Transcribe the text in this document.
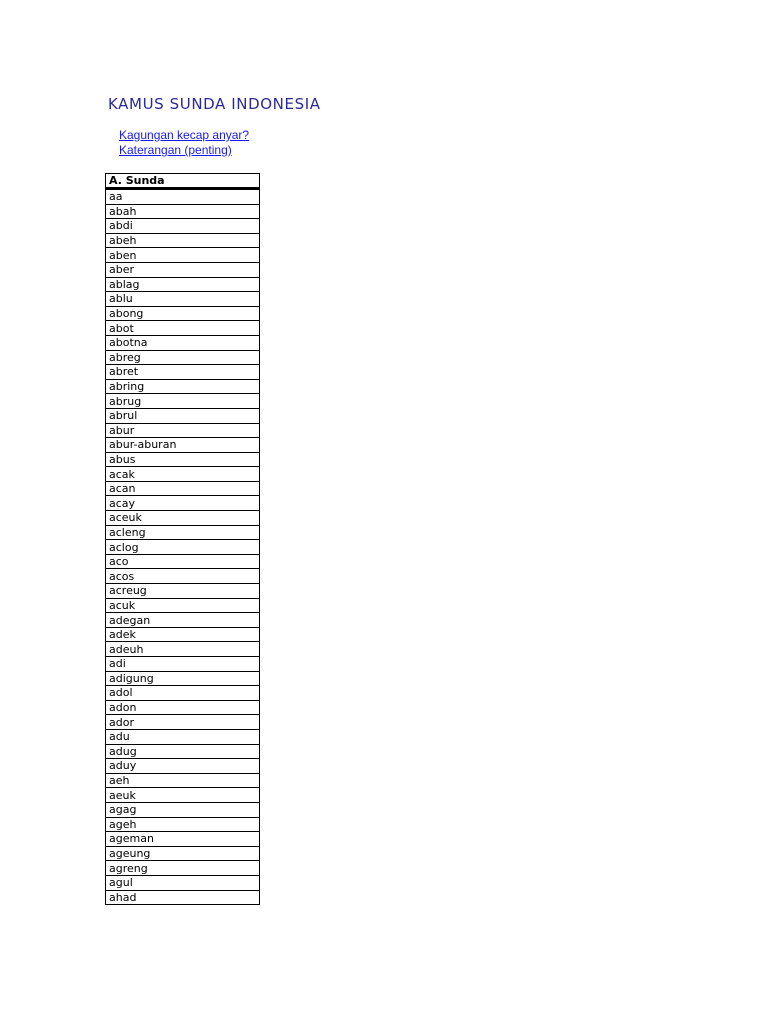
KAMUS SUNDA INDONESIA
Kagungan kecap anyar?
Katerangan (penting)
A. Sunda
aa
abah
abdi
abeh
aben
aber
ablag
ablu
abong
abot
abotna
abreg
abret
abring
abrug
abrul
abur
abur-aburan
abus
acak
acan
acay
aceuk
acleng
aclog
aco
acos
acreug
acuk
adegan
adek
adeuh
adi
adigung
adol
adon
ador
adu
adug
aduy
aeh
aeuk
agag
ageh
ageman
ageung
agreng
agul
ahad
